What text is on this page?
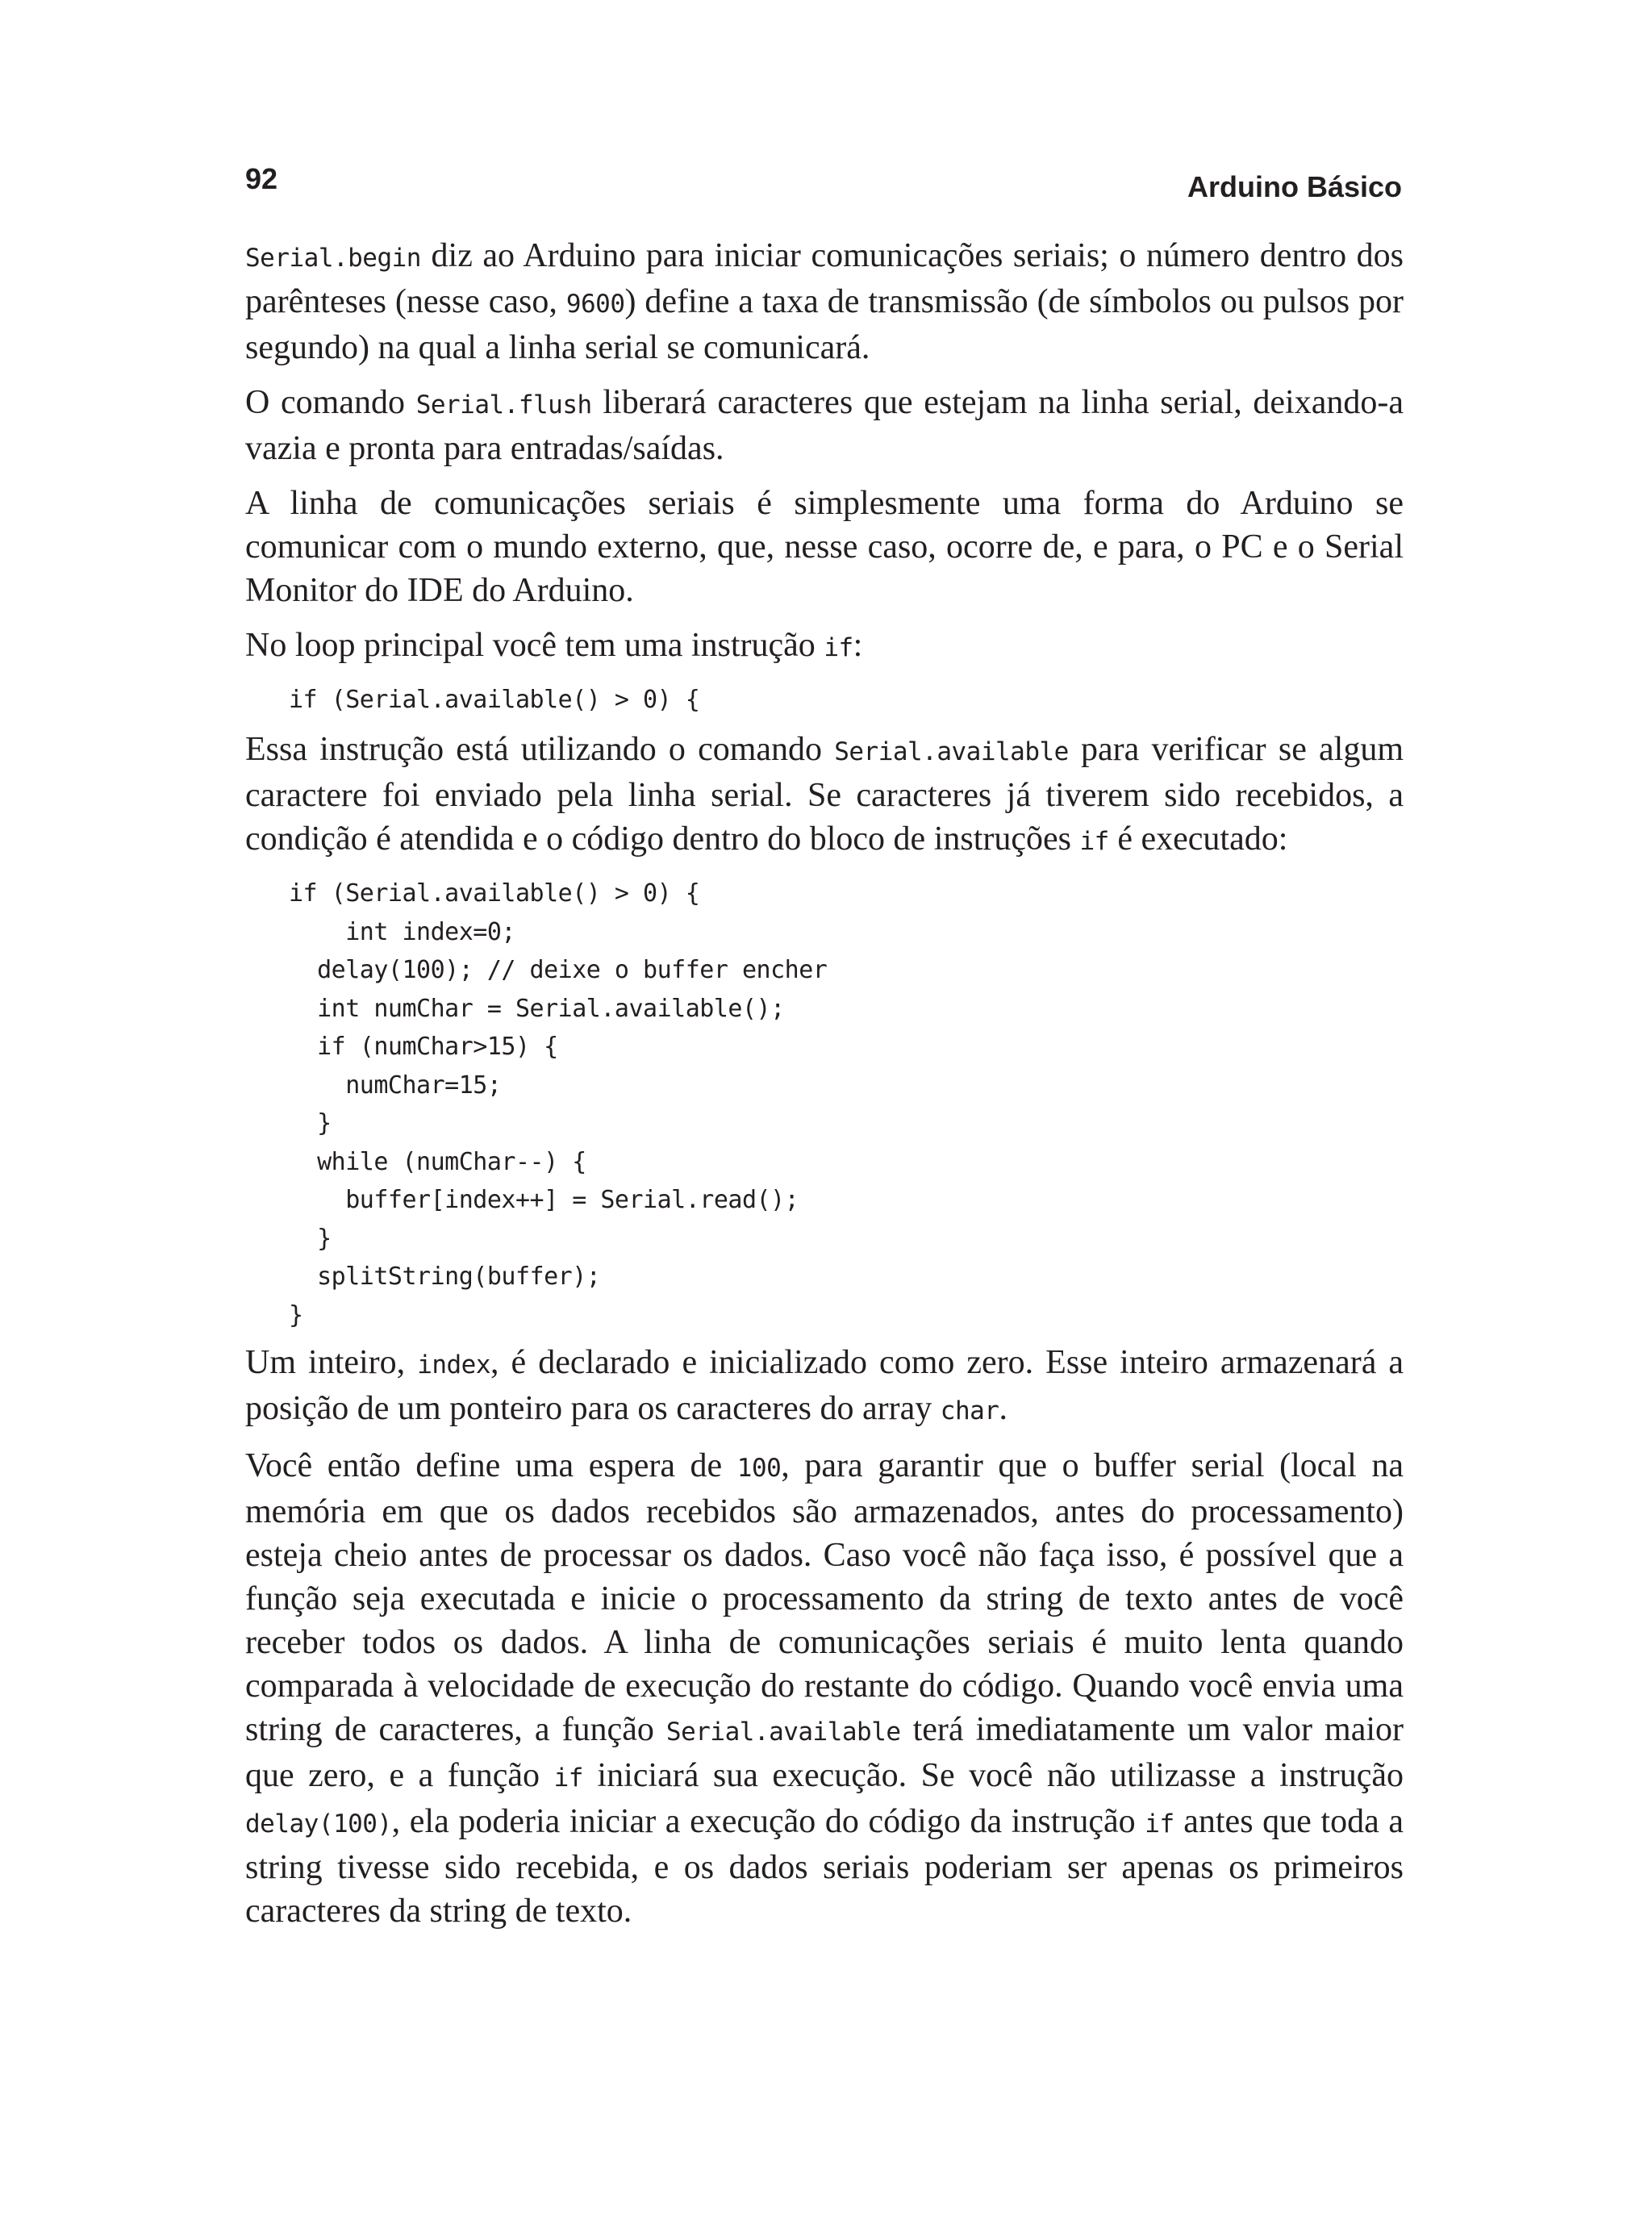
92	Arduino Básico

Serial.begin diz ao Arduino para iniciar comunicações seriais; o número dentro dos parênteses (nesse caso, 9600) define a taxa de transmissão (de símbolos ou pulsos por segundo) na qual a linha serial se comunicará.

O comando Serial.flush liberará caracteres que estejam na linha serial, deixando-a vazia e pronta para entradas/saídas.

A linha de comunicações seriais é simplesmente uma forma do Arduino se comunicar com o mundo externo, que, nesse caso, ocorre de, e para, o PC e o Serial Monitor do IDE do Arduino.

No loop principal você tem uma instrução if:

if (Serial.available() > 0) {

Essa instrução está utilizando o comando Serial.available para verificar se algum caractere foi enviado pela linha serial. Se caracteres já tiverem sido recebidos, a condição é atendida e o código dentro do bloco de instruções if é executado:

if (Serial.available() > 0) {
int index=0;
delay(100); // deixe o buffer encher
int numChar = Serial.available();
if (numChar>15) {
numChar=15;
}
while (numChar--) {
buffer[index++] = Serial.read();
}
splitString(buffer);
}

Um inteiro, index, é declarado e inicializado como zero. Esse inteiro armazenará a posição de um ponteiro para os caracteres do array char.

Você então define uma espera de 100, para garantir que o buffer serial (local na memória em que os dados recebidos são armazenados, antes do processamento) esteja cheio antes de processar os dados. Caso você não faça isso, é possível que a função seja executada e inicie o processamento da string de texto antes de você receber todos os dados. A linha de comunicações seriais é muito lenta quando comparada à velocidade de execução do restante do código. Quando você envia uma string de caracteres, a função Serial.available terá imediatamente um valor maior que zero, e a função if iniciará sua execução. Se você não utilizasse a instrução delay(100), ela poderia iniciar a execução do código da instrução if antes que toda a string tivesse sido recebida, e os dados seriais poderiam ser apenas os primeiros caracteres da string de texto.
